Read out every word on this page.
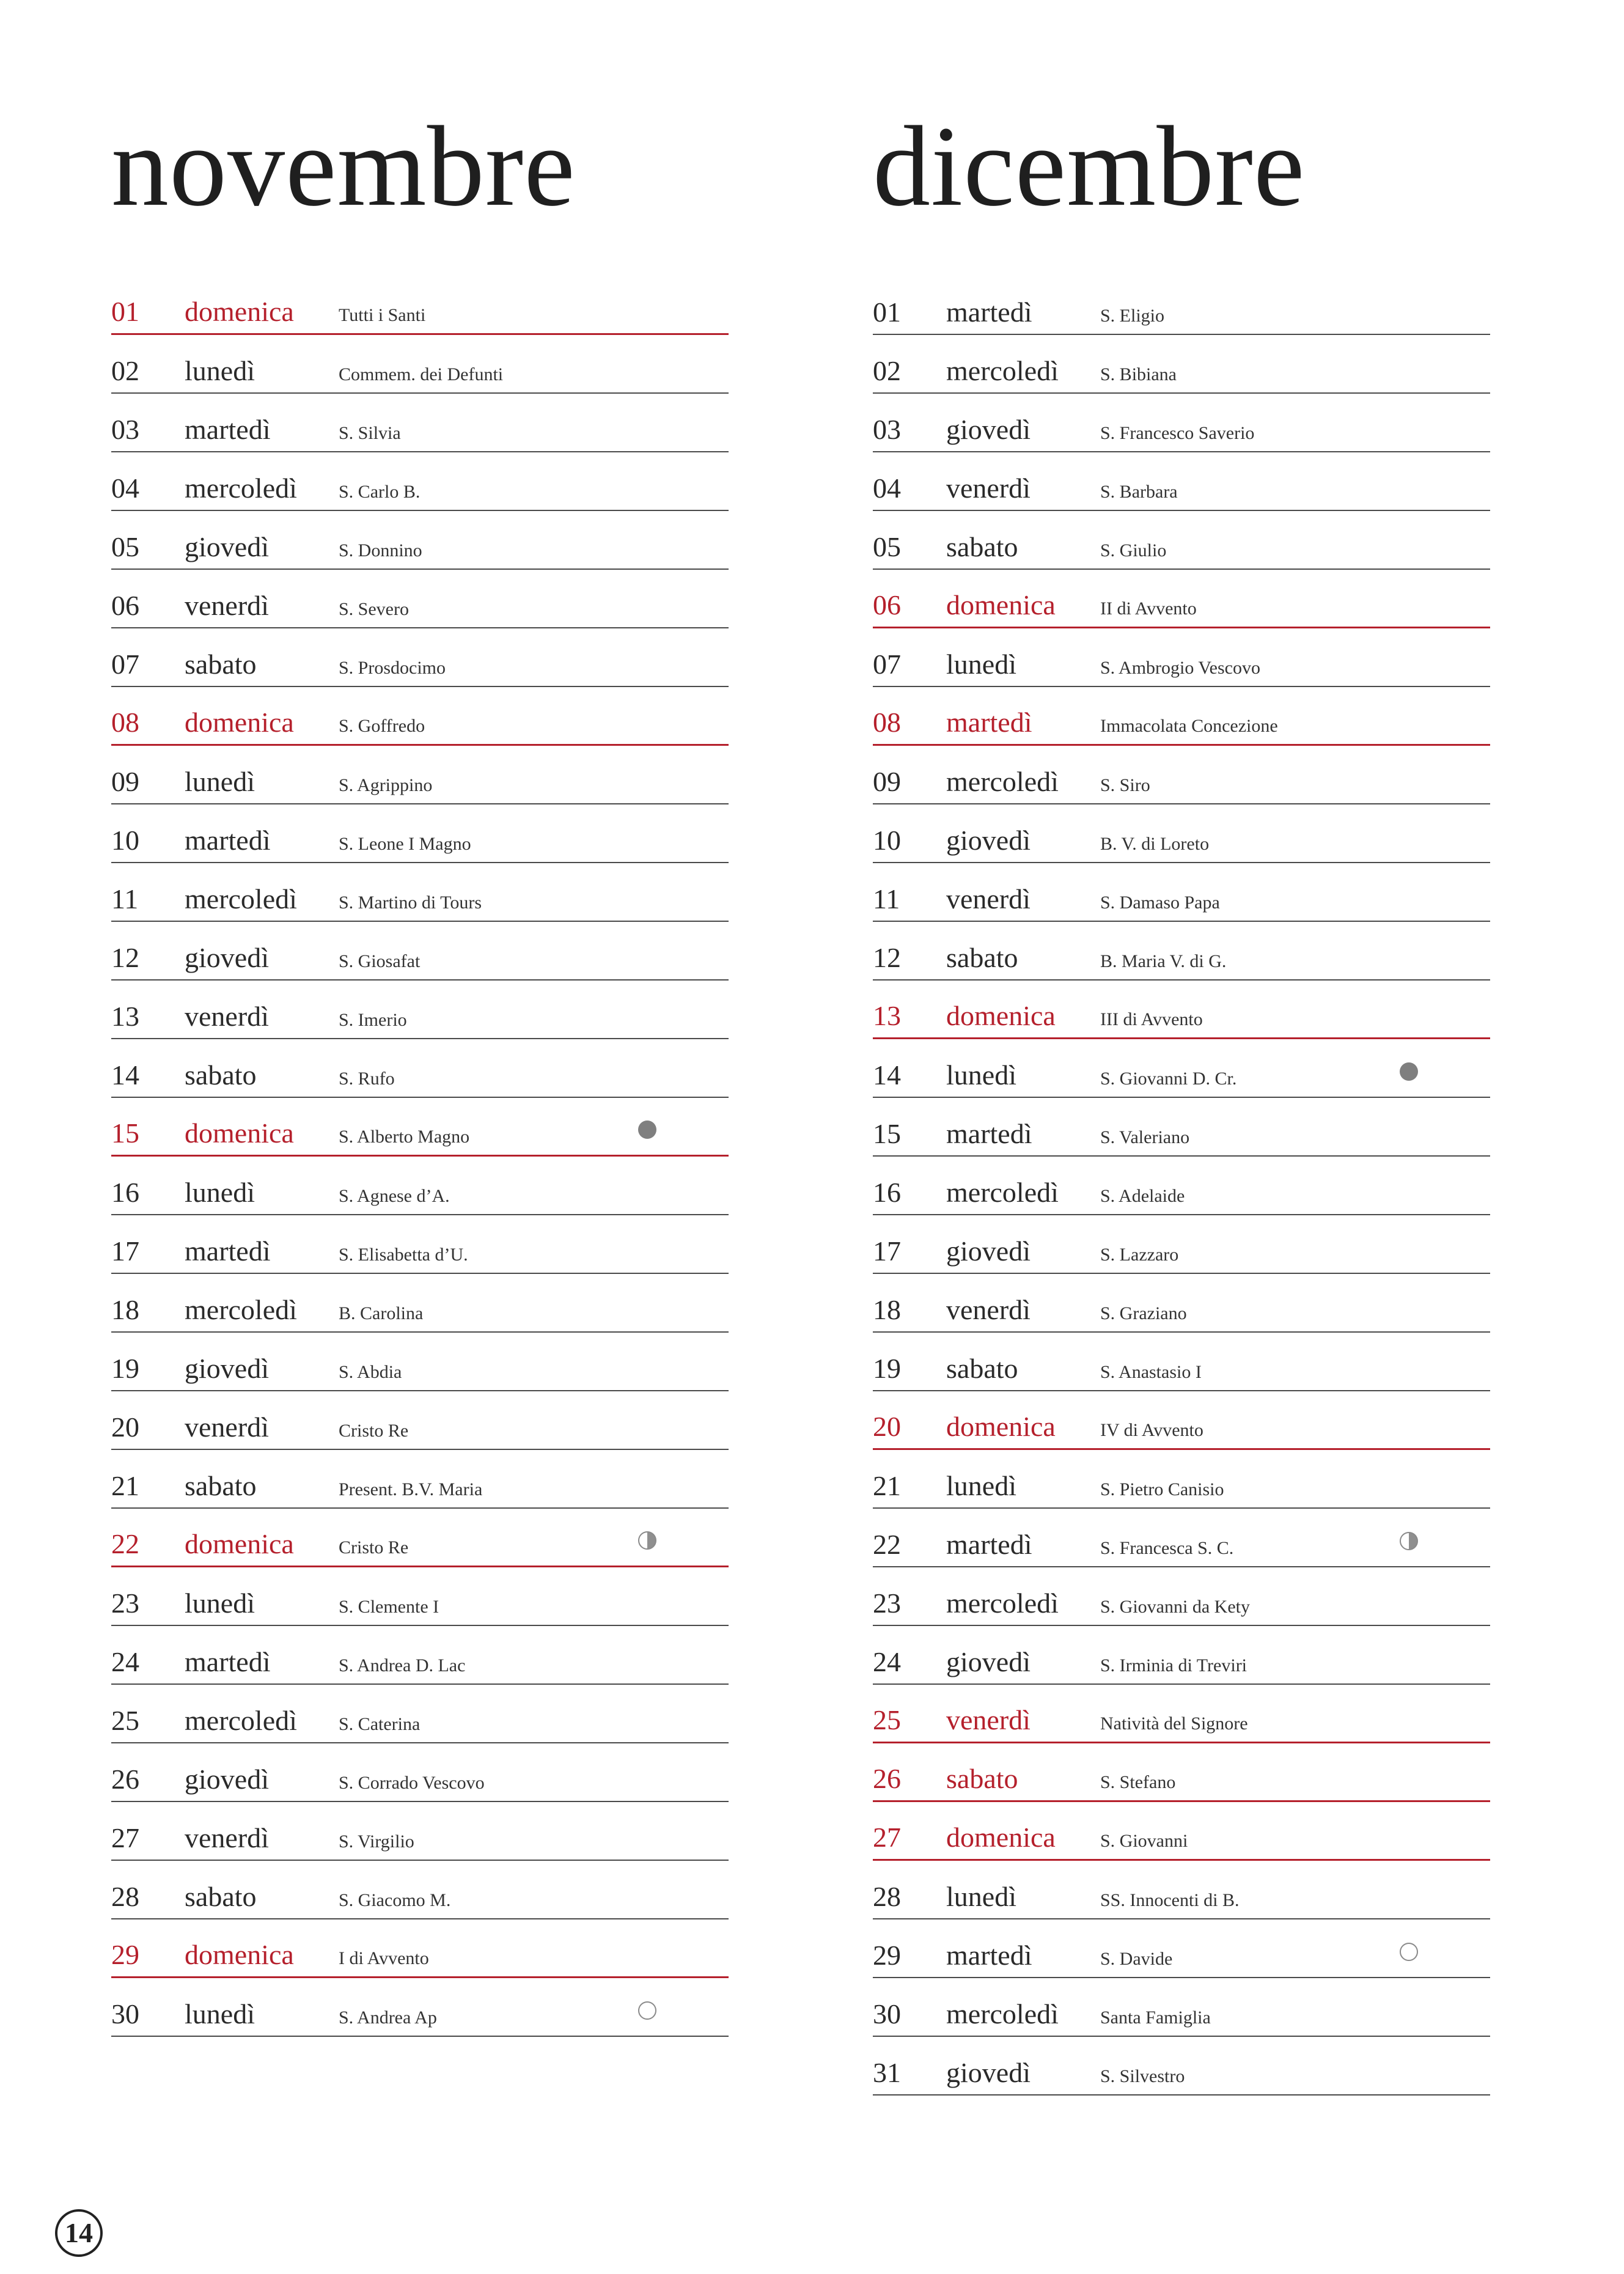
novembre
01 domenica Tutti i Santi
02 lunedì	Commem. dei Defunti
03 martedì	S. Silvia
04 mercoledì S. Carlo B.
05 giovedì	S. Donnino
06 venerdì	S. Severo
07 sabato	S. Prosdocimo
08 domenica S. Goffredo
09 lunedì	S. Agrippino
10 martedì	S. Leone I Magno
11 mercoledì S. Martino di Tours
12 giovedì	S. Giosafat
13 venerdì	S. Imerio
14 sabato	S. Rufo
15 domenica S. Alberto Magno
16 lunedì	S. Agnese d’A.
17 martedì	S. Elisabetta d’U.
18 mercoledì B. Carolina
19 giovedì	S. Abdia
20 venerdì	Cristo Re
21 sabato	Present. B.V. Maria
22 domenica Cristo Re
23 lunedì	S. Clemente I
24 martedì	S. Andrea D. Lac
25 mercoledì S. Caterina
26 giovedì	S. Corrado Vescovo
27 venerdì	S. Virgilio
28 sabato	S. Giacomo M.
29 domenica I di Avvento
30 lunedì	S. Andrea Ap
dicembre
01 martedì	S. Eligio
02 mercoledì S. Bibiana
03 giovedì	S. Francesco Saverio
04 venerdì	S. Barbara
05 sabato	S. Giulio
06 domenica II di Avvento
07 lunedì	S. Ambrogio Vescovo
08 martedì	Immacolata Concezione
09 mercoledì S. Siro
10 giovedì	B. V. di Loreto
11 venerdì	S. Damaso Papa
12 sabato	B. Maria V. di G.
13 domenica III di Avvento
14 lunedì	S. Giovanni D. Cr.
15 martedì	S. Valeriano
16 mercoledì S. Adelaide
17 giovedì	S. Lazzaro
18 venerdì	S. Graziano
19 sabato	S. Anastasio I
20 domenica IV di Avvento
21 lunedì	S. Pietro Canisio
22 martedì	S. Francesca S. C.
23 mercoledì S. Giovanni da Kety
24 giovedì	S. Irminia di Treviri
25 venerdì	Natività del Signore
26 sabato	S. Stefano
27 domenica S. Giovanni
28 lunedì	SS. Innocenti di B.
29 martedì	S. Davide
30 mercoledì Santa Famiglia
31 giovedì	S. Silvestro
14
